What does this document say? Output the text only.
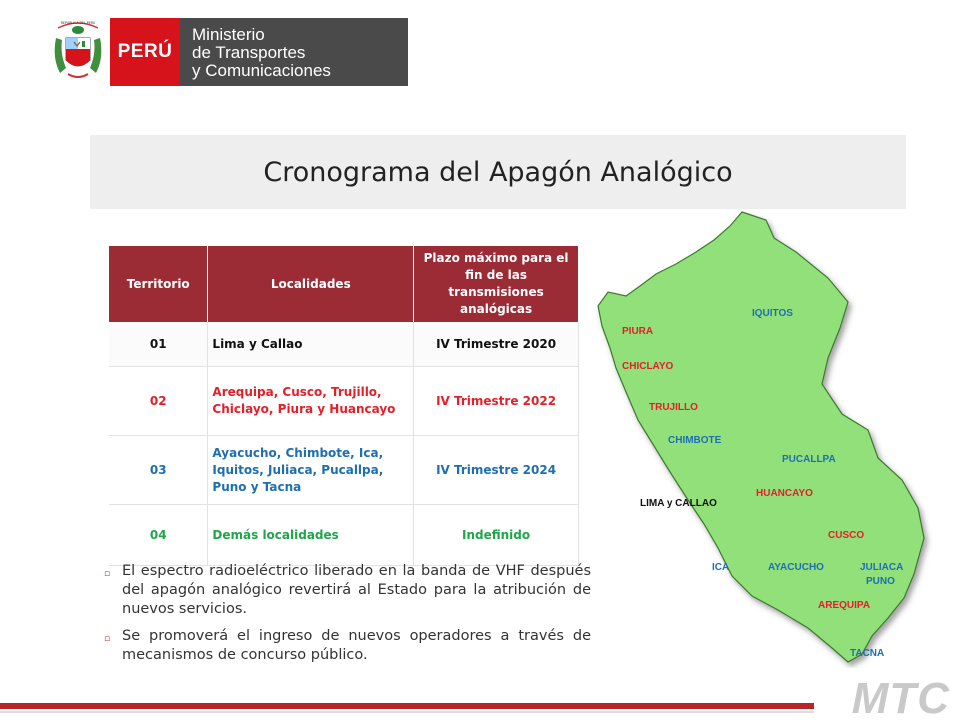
REPUBLICA DEL PERU
PERÚ
Ministerio
de Transportes
y Comunicaciones
Cronograma del Apagón Analógico
Territorio	Localidades	Plazo máximo para el fin de las transmisiones analógicas
01	Lima y Callao	IV Trimestre 2020
02	Arequipa, Cusco, Trujillo, Chiclayo, Piura y Huancayo	IV Trimestre 2022
03	Ayacucho, Chimbote, Ica, Iquitos, Juliaca, Pucallpa, Puno y Tacna	IV Trimestre 2024
04	Demás localidades	Indefinido
▫ El espectro radioeléctrico liberado en la banda de VHF después del apagón analógico revertirá al Estado para la atribución de nuevos servicios.
▫ Se promoverá el ingreso de nuevos operadores a través de mecanismos de concurso público.
IQUITOS
PIURA
CHICLAYO
TRUJILLO
CHIMBOTE
PUCALLPA
HUANCAYO
LIMA y CALLAO
CUSCO
ICA	AYACUCHO	JULIACA
PUNO
AREQUIPA
TACNA
MTC
